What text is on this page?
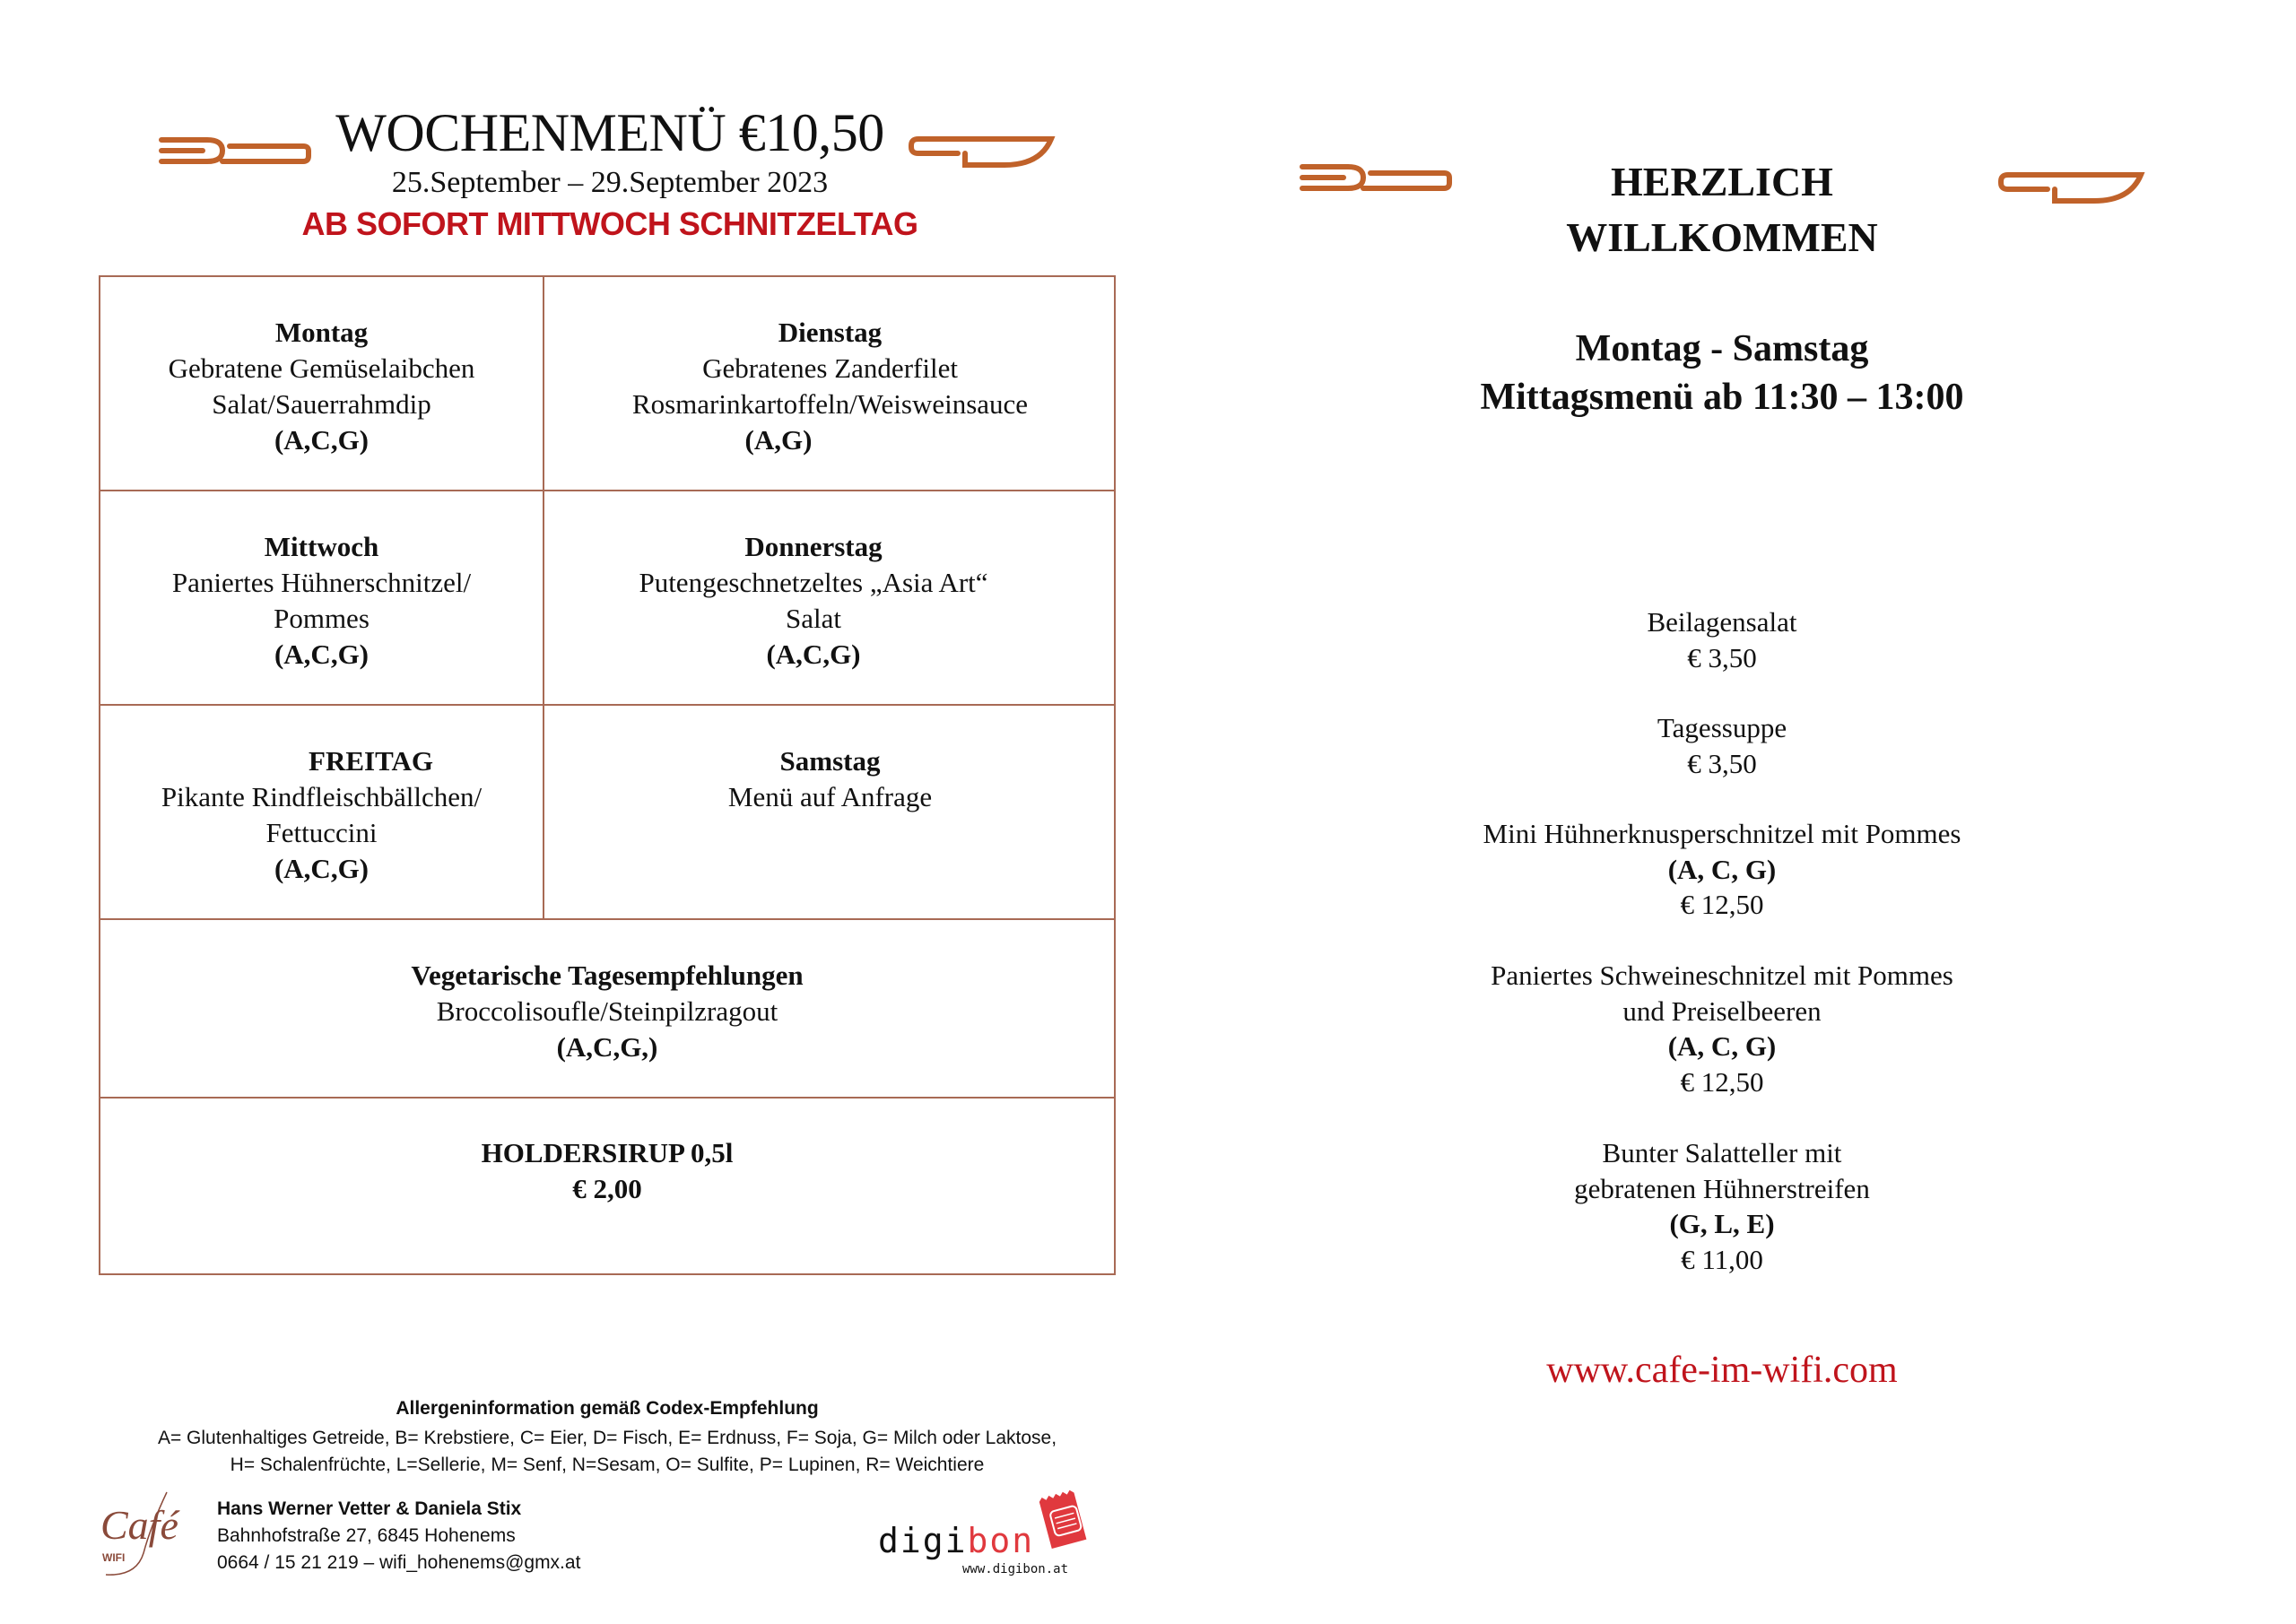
WOCHENMENÜ €10,50
25.September – 29.September 2023
AB SOFORT MITTWOCH SCHNITZELTAG
Montag
Gebratene Gemüselaibchen
Salat/Sauerrahmdip
(A,C,G)
Dienstag
Gebratenes Zanderfilet
Rosmarinkartoffeln/Weisweinsauce
(A,G)
Mittwoch
Paniertes Hühnerschnitzel/
Pommes
(A,C,G)
Donnerstag
Putengeschnetzeltes „Asia Art“
Salat
(A,C,G)
FREITAG
Pikante Rindfleischbällchen/
Fettuccini
(A,C,G)
Samstag
Menü auf Anfrage
Vegetarische Tagesempfehlungen
Broccolisoufle/Steinpilzragout
(A,C,G,)
HOLDERSIRUP 0,5l
€ 2,00
Allergeninformation gemäß Codex-Empfehlung
A= Glutenhaltiges Getreide, B= Krebstiere, C= Eier, D= Fisch, E= Erdnuss, F= Soja, G= Milch oder Laktose,
H= Schalenfrüchte, L=Sellerie, M= Senf, N=Sesam, O= Sulfite, P= Lupinen, R= Weichtiere
Café
WIFI
Hans Werner Vetter & Daniela Stix
Bahnhofstraße 27, 6845 Hohenems
0664 / 15 21 219 – wifi_hohenems@gmx.at
digibon
www.digibon.at
HERZLICH
WILLKOMMEN
Montag - Samstag
Mittagsmenü ab 11:30 – 13:00
Beilagensalat
€ 3,50
Tagessuppe
€ 3,50
Mini Hühnerknusperschnitzel mit Pommes
(A, C, G)
€ 12,50
Paniertes Schweineschnitzel mit Pommes
und Preiselbeeren
(A, C, G)
€ 12,50
Bunter Salatteller mit
gebratenen Hühnerstreifen
(G, L, E)
€ 11,00
www.cafe-im-wifi.com
